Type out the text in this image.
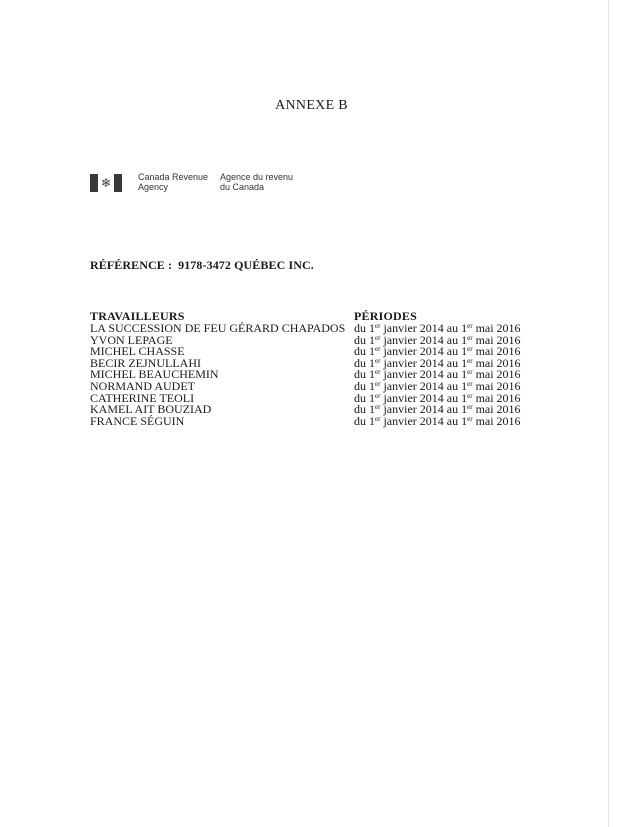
ANNEXE B
❄	Canada Revenue
Agency
Agence du revenu
du Canada
RÉFÉRENCE : 9178-3472 QUÉBEC INC.
TRAVAILLEURS
LA SUCCESSION DE FEU GÉRARD CHAPADOS
YVON LEPAGE
MICHEL CHASSE
BECIR ZEJNULLAHI
MICHEL BEAUCHEMIN
NORMAND AUDET
CATHERINE TEOLI
KAMEL AIT BOUZIAD
FRANCE SÉGUIN
PÉRIODES
du 1er janvier 2014 au 1er mai 2016
du 1er janvier 2014 au 1er mai 2016
du 1er janvier 2014 au 1er mai 2016
du 1er janvier 2014 au 1er mai 2016
du 1er janvier 2014 au 1er mai 2016
du 1er janvier 2014 au 1er mai 2016
du 1er janvier 2014 au 1er mai 2016
du 1er janvier 2014 au 1er mai 2016
du 1er janvier 2014 au 1er mai 2016
